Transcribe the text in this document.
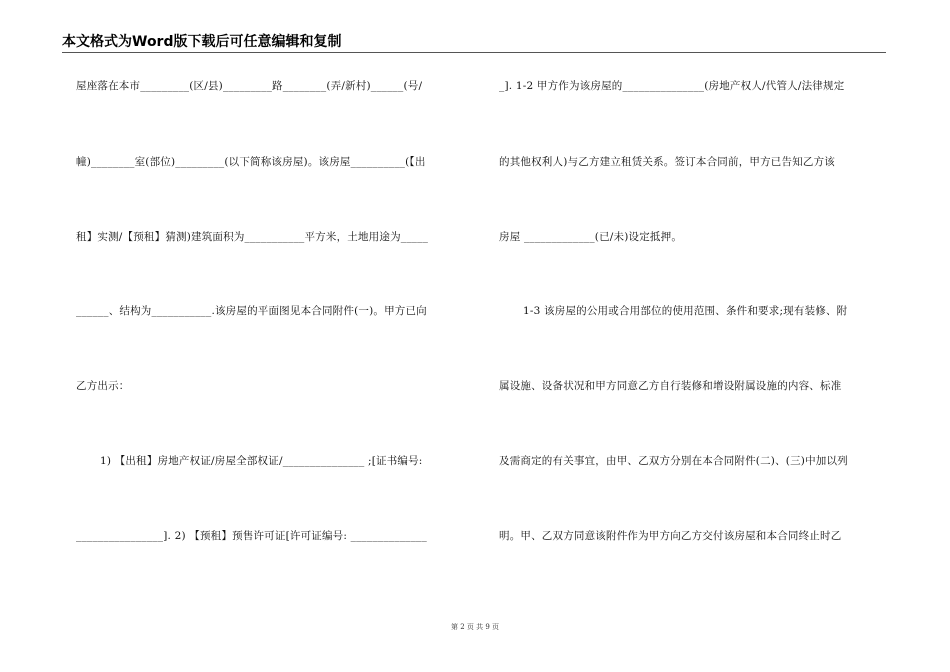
本文格式为Word版下载后可任意编辑和复制
屋座落在本市_________(区/县)_________路________(弄/新村)______(号/
幢)________室(部位)_________(以下简称该房屋)。该房屋__________(【出
租】实测/【预租】猜测)建筑面积为___________平方米，土地用途为_____
______、结构为___________.该房屋的平面图见本合同附件(一)。甲方已向
乙方出示：
1) 【出租】房地产权证/房屋全部权证/_______________ ;[证书编号:
________________]. 2) 【预租】预售许可证[许可证编号: ______________
_]. 1-2 甲方作为该房屋的_______________(房地产权人/代管人/法律规定
的其他权利人)与乙方建立租赁关系。签订本合同前，甲方已告知乙方该
房屋 _____________(已/未)设定抵押。
1-3 该房屋的公用或合用部位的使用范围、条件和要求;现有装修、附
属设施、设备状况和甲方同意乙方自行装修和增设附属设施的内容、标准
及需商定的有关事宜，由甲、乙双方分别在本合同附件(二)、(三)中加以列
明。甲、乙双方同意该附件作为甲方向乙方交付该房屋和本合同终止时乙
第 2 页 共 9 页
